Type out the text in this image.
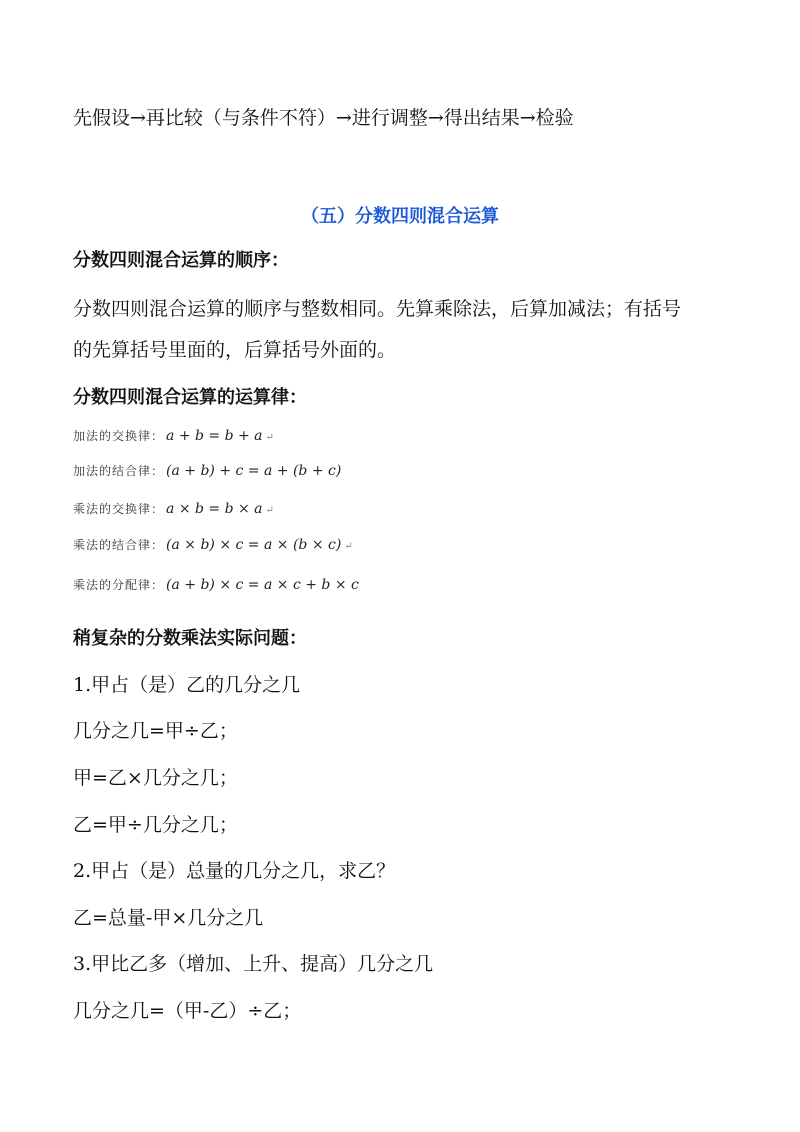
先假设→再比较（与条件不符）→进行调整→得出结果→检验
（五）分数四则混合运算
分数四则混合运算的顺序：
分数四则混合运算的顺序与整数相同。先算乘除法，后算加减法；有括号
的先算括号里面的，后算括号外面的。
分数四则混合运算的运算律：
加法的交换律： a + b = b + a ↵
加法的结合律： (a + b) + c = a + (b + c)
乘法的交换律： a × b = b × a ↵
乘法的结合律： (a × b) × c = a × (b × c) ↵
乘法的分配律： (a + b) × c = a × c + b × c
稍复杂的分数乘法实际问题：
1.甲占（是）乙的几分之几
几分之几=甲÷乙；
甲=乙×几分之几；
乙=甲÷几分之几；
2.甲占（是）总量的几分之几，求乙？
乙=总量-甲×几分之几
3.甲比乙多（增加、上升、提高）几分之几
几分之几=（甲-乙）÷乙；
